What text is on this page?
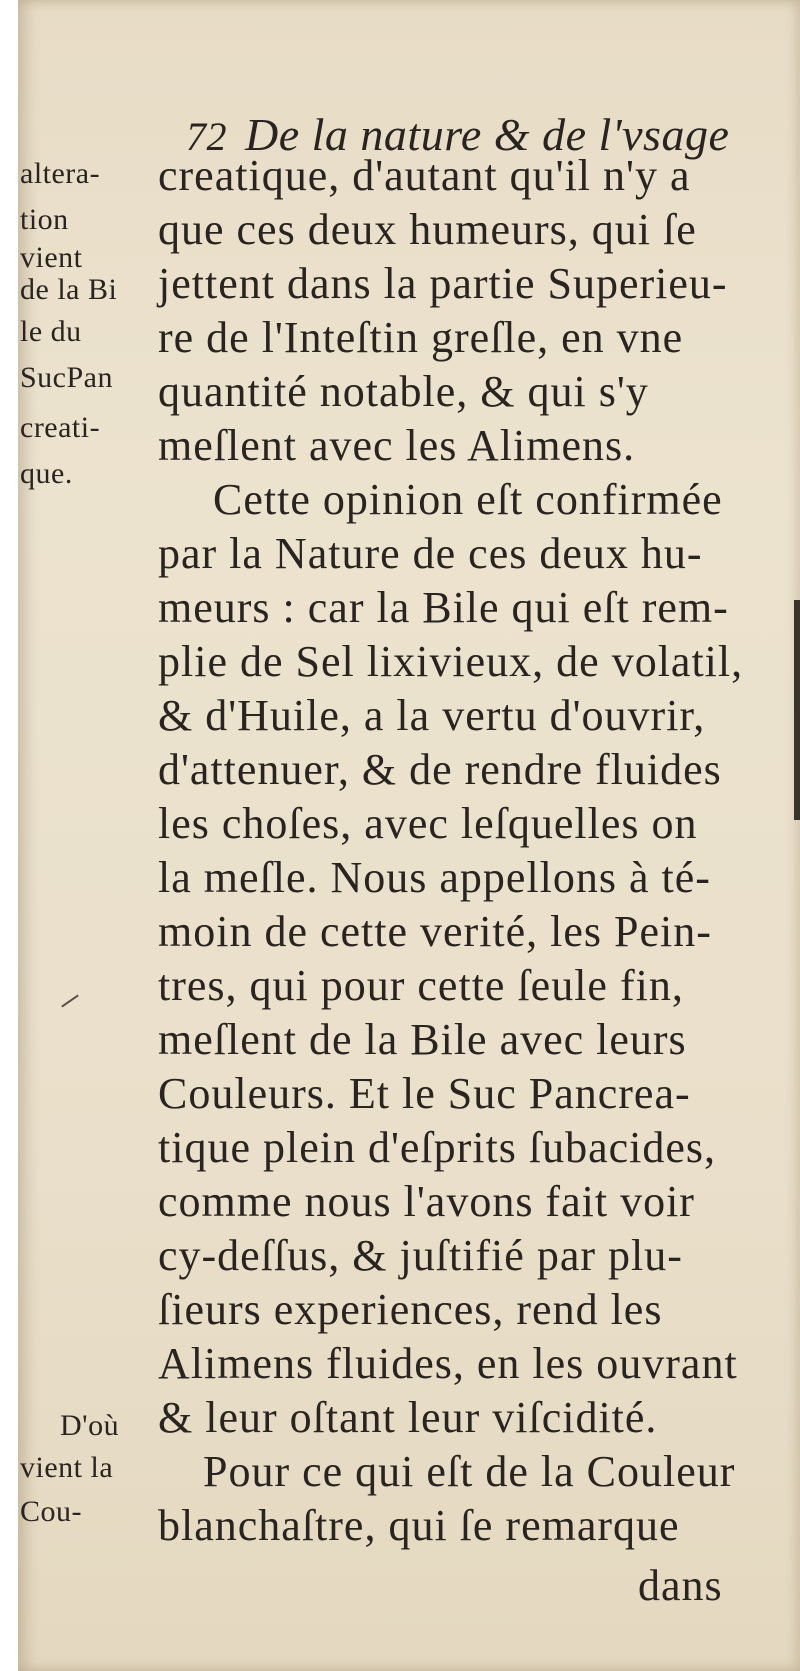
72 De la nature & de l'vsage
altera-
tion
vient
de la Bi
le du
SucPan
creati-
que.
D'où
vient la
Cou-
creatique, d'autant qu'il n'y a
que ces deux humeurs, qui ſe
jettent dans la partie Superieu-
re de l'Inteſtin greſle, en vne
quantité notable, & qui s'y
meſlent avec les Alimens.
Cette opinion eſt confirmée
par la Nature de ces deux hu-
meurs : car la Bile qui eſt rem-
plie de Sel lixivieux, de volatil,
& d'Huile, a la vertu d'ouvrir,
d'attenuer, & de rendre fluides
les choſes, avec leſquelles on
la meſle. Nous appellons à té-
moin de cette verité, les Pein-
tres, qui pour cette ſeule fin,
meſlent de la Bile avec leurs
Couleurs. Et le Suc Pancrea-
tique plein d'eſprits ſubacides,
comme nous l'avons fait voir
cy-deſſus, & juſtifié par plu-
ſieurs experiences, rend les
Alimens fluides, en les ouvrant
& leur oſtant leur viſcidité.
Pour ce qui eſt de la Couleur
blanchaſtre, qui ſe remarque
dans
